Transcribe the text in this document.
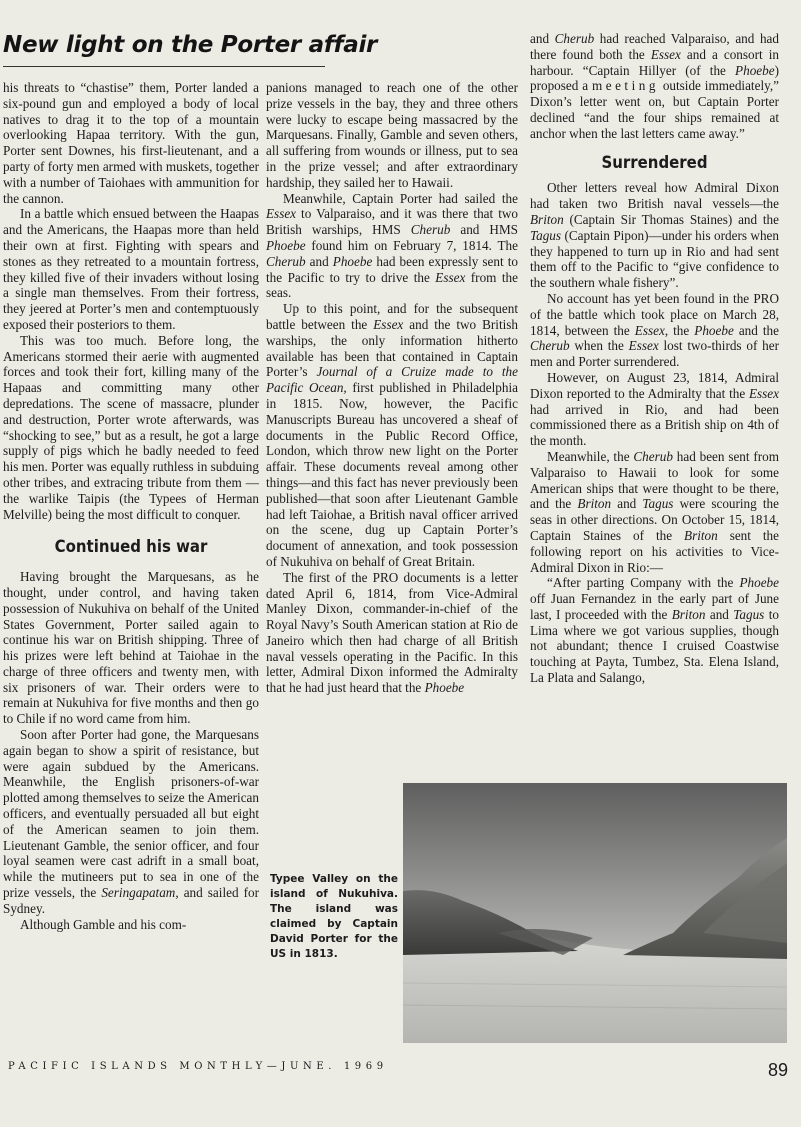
New light on the Porter affair

his threats to “chastise” them, Porter landed a six-pound gun and employed a body of local natives to drag it to the top of a mountain overlooking Hapaa territory. With the gun, Porter sent Downes, his first-lieutenant, and a party of forty men armed with muskets, together with a number of Taiohaes with ammunition for the cannon.

In a battle which ensued between the Haapas and the Americans, the Haapas more than held their own at first. Fighting with spears and stones as they retreated to a mountain fortress, they killed five of their invaders without losing a single man themselves. From their fortress, they jeered at Porter’s men and contemptuously exposed their posteriors to them.

This was too much. Before long, the Americans stormed their aerie with augmented forces and took their fort, killing many of the Hapaas and committing many other depredations. The scene of massacre, plunder and destruction, Porter wrote afterwards, was “shocking to see,” but as a result, he got a large supply of pigs which he badly needed to feed his men. Porter was equally ruthless in subduing other tribes, and extracing tribute from them — the warlike Taipis (the Typees of Herman Melville) being the most difficult to conquer.

Continued his war

Having brought the Marquesans, as he thought, under control, and having taken possession of Nukuhiva on behalf of the United States Government, Porter sailed again to continue his war on British shipping. Three of his prizes were left behind at Taiohae in the charge of three officers and twenty men, with six prisoners of war. Their orders were to remain at Nukuhiva for five months and then go to Chile if no word came from him.

Soon after Porter had gone, the Marquesans again began to show a spirit of resistance, but were again subdued by the Americans. Meanwhile, the English prisoners-of-war plotted among themselves to seize the American officers, and eventually persuaded all but eight of the American seamen to join them. Lieutenant Gamble, the senior officer, and four loyal seamen were cast adrift in a small boat, while the mutineers put to sea in one of the prize vessels, the Seringapatam, and sailed for Sydney.

Although Gamble and his com-

panions managed to reach one of the other prize vessels in the bay, they and three others were lucky to escape being massacred by the Marquesans. Finally, Gamble and seven others, all suffering from wounds or illness, put to sea in the prize vessel; and after extraordinary hardship, they sailed her to Hawaii.

Meanwhile, Captain Porter had sailed the Essex to Valparaiso, and it was there that two British warships, HMS Cherub and HMS Phoebe found him on February 7, 1814. The Cherub and Phoebe had been expressly sent to the Pacific to try to drive the Essex from the seas.

Up to this point, and for the subsequent battle between the Essex and the two British warships, the only information hitherto available has been that contained in Captain Porter’s Journal of a Cruize made to the Pacific Ocean, first published in Philadelphia in 1815. Now, however, the Pacific Manuscripts Bureau has uncovered a sheaf of documents in the Public Record Office, London, which throw new light on the Porter affair. These documents reveal among other things—and this fact has never previously been published—that soon after Lieutenant Gamble had left Taiohae, a British naval officer arrived on the scene, dug up Captain Porter’s document of annexation, and took possession of Nukuhiva on behalf of Great Britain.

The first of the PRO documents is a letter dated April 6, 1814, from Vice-Admiral Manley Dixon, commander-in-chief of the Royal Navy’s South American station at Rio de Janeiro which then had charge of all British naval vessels operating in the Pacific. In this letter, Admiral Dixon informed the Admiralty that he had just heard that the Phoebe

and Cherub had reached Valparaiso, and had there found both the Essex and a consort in harbour. “Captain Hillyer (of the Phoebe) proposed a meeting outside immediately,” Dixon’s letter went on, but Captain Porter declined “and the four ships remained at anchor when the last letters came away.”

Surrendered

Other letters reveal how Admiral Dixon had taken two British naval vessels—the Briton (Captain Sir Thomas Staines) and the Tagus (Captain Pipon)—under his orders when they happened to turn up in Rio and had sent them off to the Pacific to “give confidence to the southern whale fishery”.

No account has yet been found in the PRO of the battle which took place on March 28, 1814, between the Essex, the Phoebe and the Cherub when the Essex lost two-thirds of her men and Porter surrendered.

However, on August 23, 1814, Admiral Dixon reported to the Admiralty that the Essex had arrived in Rio, and had been commissioned there as a British ship on 4th of the month.

Meanwhile, the Cherub had been sent from Valparaiso to Hawaii to look for some American ships that were thought to be there, and the Briton and Tagus were scouring the seas in other directions. On October 15, 1814, Captain Staines of the Briton sent the following report on his activities to Vice-Admiral Dixon in Rio:—

“After parting Company with the Phoebe off Juan Fernandez in the early part of June last, I proceeded with the Briton and Tagus to Lima where we got various supplies, though not abundant; thence I cruised Coastwise touching at Payta, Tumbez, Sta. Elena Island, La Plata and Salango,

Typee Valley on the island of Nukuhiva. The island was claimed by Captain David Porter for the US in 1813.
PACIFIC ISLANDS MONTHLY—JUNE. 1969	89
